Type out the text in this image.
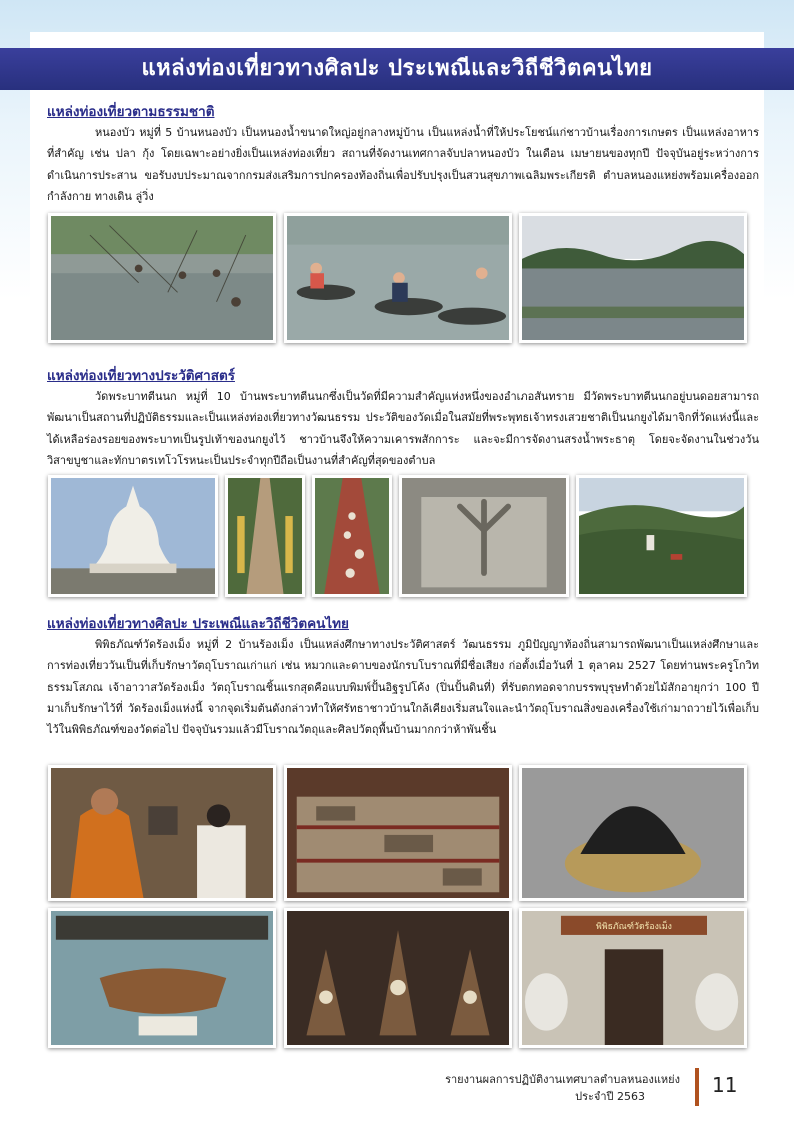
แหล่งท่องเที่ยวทางศิลปะ ประเพณีและวิถีชีวิตคนไทย
แหล่งท่องเที่ยวตามธรรมชาติ

หนองบัว หมู่ที่ 5 บ้านหนองบัว เป็นหนองน้ำขนาดใหญ่อยู่กลางหมู่บ้าน เป็นแหล่งน้ำที่ให้ประโยชน์แก่ชาวบ้านเรื่องการเกษตร เป็นแหล่งอาหารที่สำคัญ เช่น ปลา กุ้ง โดยเฉพาะอย่างยิ่งเป็นแหล่งท่องเที่ยว สถานที่จัดงานเทศกาลจับปลาหนองบัว ในเดือน เมษายนของทุกปี ปัจจุบันอยู่ระหว่างการดำเนินการประสาน ขอรับงบประมาณจากกรมส่งเสริมการปกครองท้องถิ่นเพื่อปรับปรุงเป็นสวนสุขภาพเฉลิมพระเกียรติ ตำบลหนองแหย่งพร้อมเครื่องออกกำลังกาย ทางเดิน ลู่วิ่ง

แหล่งท่องเที่ยวทางประวัติศาสตร์

วัดพระบาทตีนนก หมู่ที่ 10 บ้านพระบาทตีนนกซึ่งเป็นวัดที่มีความสำคัญแห่งหนึ่งของอำเภอสันทราย มีวัดพระบาทตีนนกอยู่บนดอยสามารถพัฒนาเป็นสถานที่ปฏิบัติธรรมและเป็นแหล่งท่องเที่ยวทางวัฒนธรรม ประวัติของวัดเมื่อในสมัยที่พระพุทธเจ้าทรงเสวยชาติเป็นนกยูงได้มาจิกที่วัดแห่งนี้และได้เหลือร่องรอยของพระบาทเป็นรูปเท้าของนกยูงไว้ ชาวบ้านจึงให้ความเคารพสักการะ และจะมีการจัดงานสรงน้ำพระธาตุ โดยจะจัดงานในช่วงวันวิสาขบูชาและทักบาตรเทโวโรหนะเป็นประจำทุกปีถือเป็นงานที่สำคัญที่สุดของตำบล

แหล่งท่องเที่ยวทางศิลปะ ประเพณีและวิถีชีวิตคนไทย

พิพิธภัณฑ์วัดร้องเม็ง หมู่ที่ 2 บ้านร้องเม็ง เป็นแหล่งศึกษาทางประวัติศาสตร์ วัฒนธรรม ภูมิปัญญาท้องถิ่นสามารถพัฒนาเป็นแหล่งศึกษาและการท่องเที่ยววันเป็นที่เก็บรักษาวัตถุโบราณเก่าแก่ เช่น หมวกและดาบของนักรบโบราณที่มีชื่อเสียง ก่อตั้งเมื่อวันที่ 1 ตุลาคม 2527 โดยท่านพระครูโกวิทธรรมโสภณ เจ้าอาวาสวัดร้องเม็ง วัตถุโบราณชิ้นแรกสุดคือแบบพิมพ์ปั้นอิฐรูปโค้ง (ปิ่นปั้นดินที่) ที่รับตกทอดจากบรรพบุรุษทำด้วยไม้สักอายุกว่า 100 ปี มาเก็บรักษาไว้ที่ วัดร้องเม็งแห่งนี้ จากจุดเริ่มต้นดังกล่าวทำให้ศรัทธาชาวบ้านใกล้เคียงเริ่มสนใจและนำวัตถุโบราณสิ่งของเครื่องใช้เก่ามาถวายไว้เพื่อเก็บไว้ในพิพิธภัณฑ์ของวัดต่อไป ปัจจุบันรวมแล้วมีโบราณวัตถุและศิลปวัตถุพื้นบ้านมากกว่าห้าพันชิ้น

พิพิธภัณฑ์วัดร้องเม็ง
รายงานผลการปฏิบัติงานเทศบาลตำบลหนองแหย่ง
ประจำปี 2563	11
